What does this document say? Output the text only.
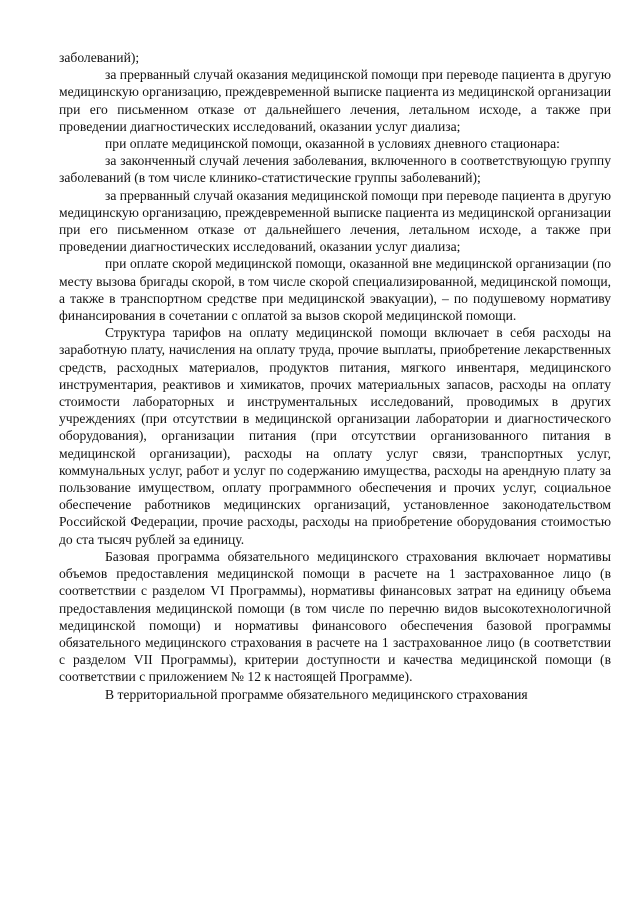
заболеваний);

за прерванный случай оказания медицинской помощи при переводе пациента в другую медицинскую организацию, преждевременной выписке пациента из медицинской организации при его письменном отказе от дальнейшего лечения, летальном исходе, а также при проведении диагностических исследований, оказании услуг диализа;

при оплате медицинской помощи, оказанной в условиях дневного стационара:

за законченный случай лечения заболевания, включенного в соответствующую группу заболеваний (в том числе клинико-статистические группы заболеваний);

за прерванный случай оказания медицинской помощи при переводе пациента в другую медицинскую организацию, преждевременной выписке пациента из медицинской организации при его письменном отказе от дальнейшего лечения, летальном исходе, а также при проведении диагностических исследований, оказании услуг диализа;

при оплате скорой медицинской помощи, оказанной вне медицинской организации (по месту вызова бригады скорой, в том числе скорой специализированной, медицинской помощи, а также в транспортном средстве при медицинской эвакуации), – по подушевому нормативу финансирования в сочетании с оплатой за вызов скорой медицинской помощи.

Структура тарифов на оплату медицинской помощи включает в себя расходы на заработную плату, начисления на оплату труда, прочие выплаты, приобретение лекарственных средств, расходных материалов, продуктов питания, мягкого инвентаря, медицинского инструментария, реактивов и химикатов, прочих материальных запасов, расходы на оплату стоимости лабораторных и инструментальных исследований, проводимых в других учреждениях (при отсутствии в медицинской организации лаборатории и диагностического оборудования), организации питания (при отсутствии организованного питания в медицинской организации), расходы на оплату услуг связи, транспортных услуг, коммунальных услуг, работ и услуг по содержанию имущества, расходы на арендную плату за пользование имуществом, оплату программного обеспечения и прочих услуг, социальное обеспечение работников медицинских организаций, установленное законодательством Российской Федерации, прочие расходы, расходы на приобретение оборудования стоимостью до ста тысяч рублей за единицу.

Базовая программа обязательного медицинского страхования включает нормативы объемов предоставления медицинской помощи в расчете на 1 застрахованное лицо (в соответствии с разделом VI Программы), нормативы финансовых затрат на единицу объема предоставления медицинской помощи (в том числе по перечню видов высокотехнологичной медицинской помощи) и нормативы финансового обеспечения базовой программы обязательного медицинского страхования в расчете на 1 застрахованное лицо (в соответствии с разделом VII Программы), критерии доступности и качества медицинской помощи (в соответствии с приложением № 12 к настоящей Программе).

В территориальной программе обязательного медицинского страхования
